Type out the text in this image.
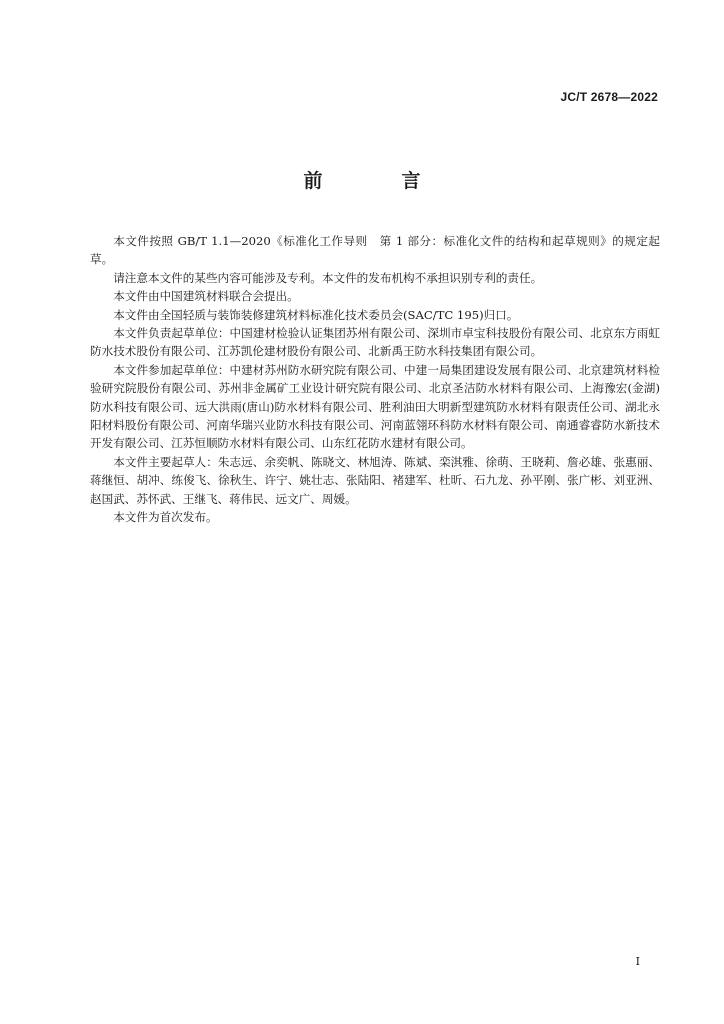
JC/T 2678—2022
前　言

本文件按照 GB/T 1.1—2020《标准化工作导则　第 1 部分：标准化文件的结构和起草规则》的规定起草。

请注意本文件的某些内容可能涉及专利。本文件的发布机构不承担识别专利的责任。

本文件由中国建筑材料联合会提出。

本文件由全国轻质与装饰装修建筑材料标准化技术委员会(SAC/TC 195)归口。

本文件负责起草单位：中国建材检验认证集团苏州有限公司、深圳市卓宝科技股份有限公司、北京东方雨虹防水技术股份有限公司、江苏凯伦建材股份有限公司、北新禹王防水科技集团有限公司。

本文件参加起草单位：中建材苏州防水研究院有限公司、中建一局集团建设发展有限公司、北京建筑材料检验研究院股份有限公司、苏州非金属矿工业设计研究院有限公司、北京圣洁防水材料有限公司、上海豫宏(金湖)防水科技有限公司、远大洪雨(唐山)防水材料有限公司、胜利油田大明新型建筑防水材料有限责任公司、湖北永阳材料股份有限公司、河南华瑞兴业防水科技有限公司、河南蓝翎环科防水材料有限公司、南通睿睿防水新技术开发有限公司、江苏恒顺防水材料有限公司、山东红花防水建材有限公司。

本文件主要起草人：朱志远、余奕帆、陈晓文、林旭涛、陈斌、栾淇雅、徐萌、王晓莉、詹必雄、张惠丽、蒋继恒、胡冲、练俊飞、徐秋生、许宁、姚壮志、张陆阳、褚建军、杜昕、石九龙、孙平刚、张广彬、刘亚洲、赵国武、苏怀武、王继飞、蒋伟民、远文广、周媛。

本文件为首次发布。

I
